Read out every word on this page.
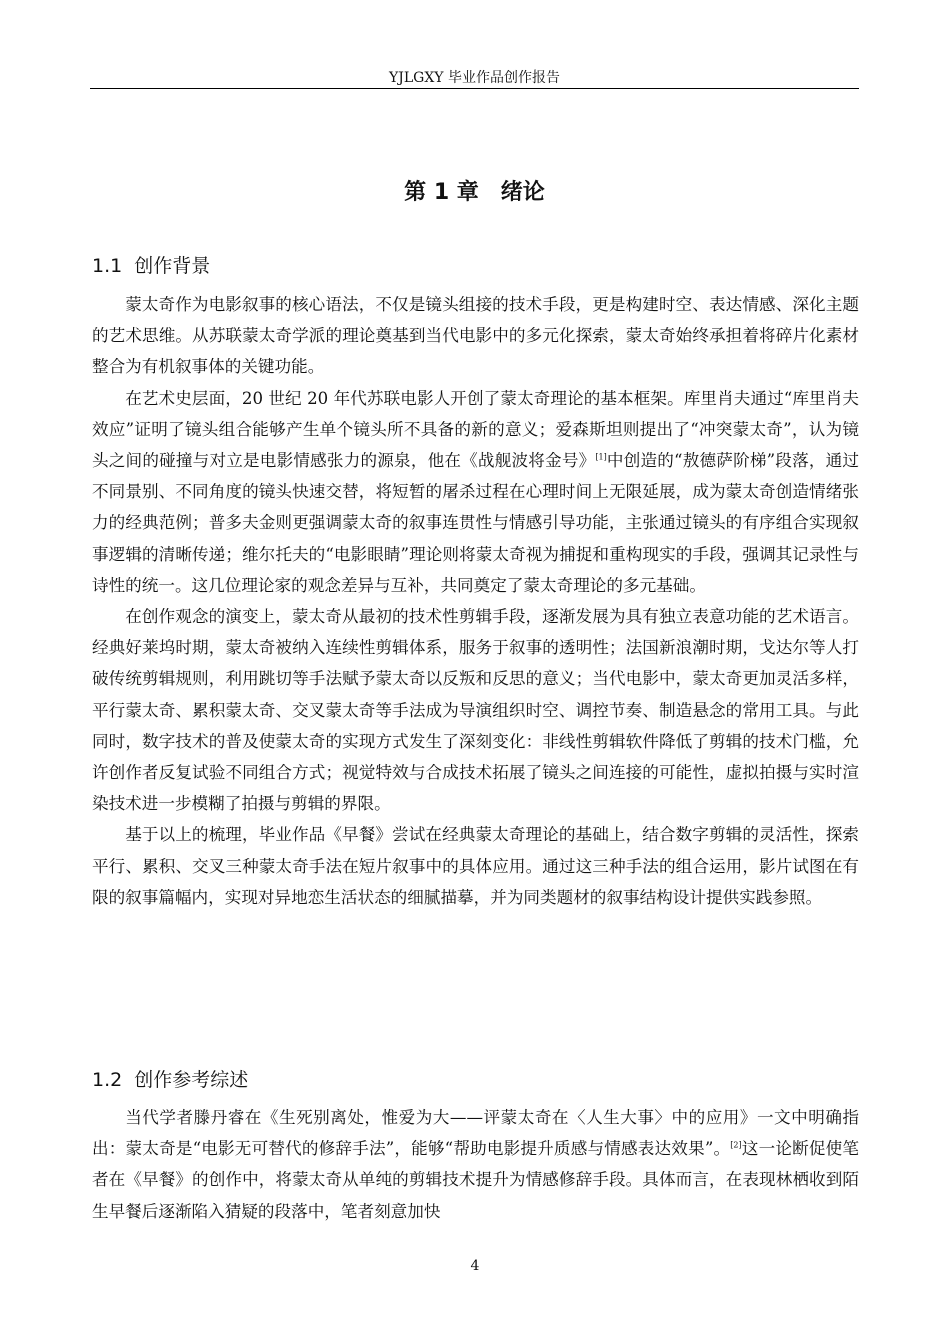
YJLGXY 毕业作品创作报告
第 1 章　绪论
1.1  创作背景

蒙太奇作为电影叙事的核心语法，不仅是镜头组接的技术手段，更是构建时空、表达情感、深化主题的艺术思维。从苏联蒙太奇学派的理论奠基到当代电影中的多元化探索，蒙太奇始终承担着将碎片化素材整合为有机叙事体的关键功能。

在艺术史层面，20 世纪 20 年代苏联电影人开创了蒙太奇理论的基本框架。库里肖夫通过“库里肖夫效应”证明了镜头组合能够产生单个镜头所不具备的新的意义；爱森斯坦则提出了“冲突蒙太奇”，认为镜头之间的碰撞与对立是电影情感张力的源泉，他在《战舰波将金号》[1]中创造的“敖德萨阶梯”段落，通过不同景别、不同角度的镜头快速交替，将短暂的屠杀过程在心理时间上无限延展，成为蒙太奇创造情绪张力的经典范例；普多夫金则更强调蒙太奇的叙事连贯性与情感引导功能，主张通过镜头的有序组合实现叙事逻辑的清晰传递；维尔托夫的“电影眼睛”理论则将蒙太奇视为捕捉和重构现实的手段，强调其记录性与诗性的统一。这几位理论家的观念差异与互补，共同奠定了蒙太奇理论的多元基础。

在创作观念的演变上，蒙太奇从最初的技术性剪辑手段，逐渐发展为具有独立表意功能的艺术语言。经典好莱坞时期，蒙太奇被纳入连续性剪辑体系，服务于叙事的透明性；法国新浪潮时期，戈达尔等人打破传统剪辑规则，利用跳切等手法赋予蒙太奇以反叛和反思的意义；当代电影中，蒙太奇更加灵活多样，平行蒙太奇、累积蒙太奇、交叉蒙太奇等手法成为导演组织时空、调控节奏、制造悬念的常用工具。与此同时，数字技术的普及使蒙太奇的实现方式发生了深刻变化：非线性剪辑软件降低了剪辑的技术门槛，允许创作者反复试验不同组合方式；视觉特效与合成技术拓展了镜头之间连接的可能性，虚拟拍摄与实时渲染技术进一步模糊了拍摄与剪辑的界限。

基于以上的梳理，毕业作品《早餐》尝试在经典蒙太奇理论的基础上，结合数字剪辑的灵活性，探索平行、累积、交叉三种蒙太奇手法在短片叙事中的具体应用。通过这三种手法的组合运用，影片试图在有限的叙事篇幅内，实现对异地恋生活状态的细腻描摹，并为同类题材的叙事结构设计提供实践参照。

1.2  创作参考综述

当代学者滕丹睿在《生死别离处，惟爱为大——评蒙太奇在〈人生大事〉中的应用》一文中明确指出：蒙太奇是“电影无可替代的修辞手法”，能够“帮助电影提升质感与情感表达效果”。[2]这一论断促使笔者在《早餐》的创作中，将蒙太奇从单纯的剪辑技术提升为情感修辞手段。具体而言，在表现林栖收到陌生早餐后逐渐陷入猜疑的段落中，笔者刻意加快

4
